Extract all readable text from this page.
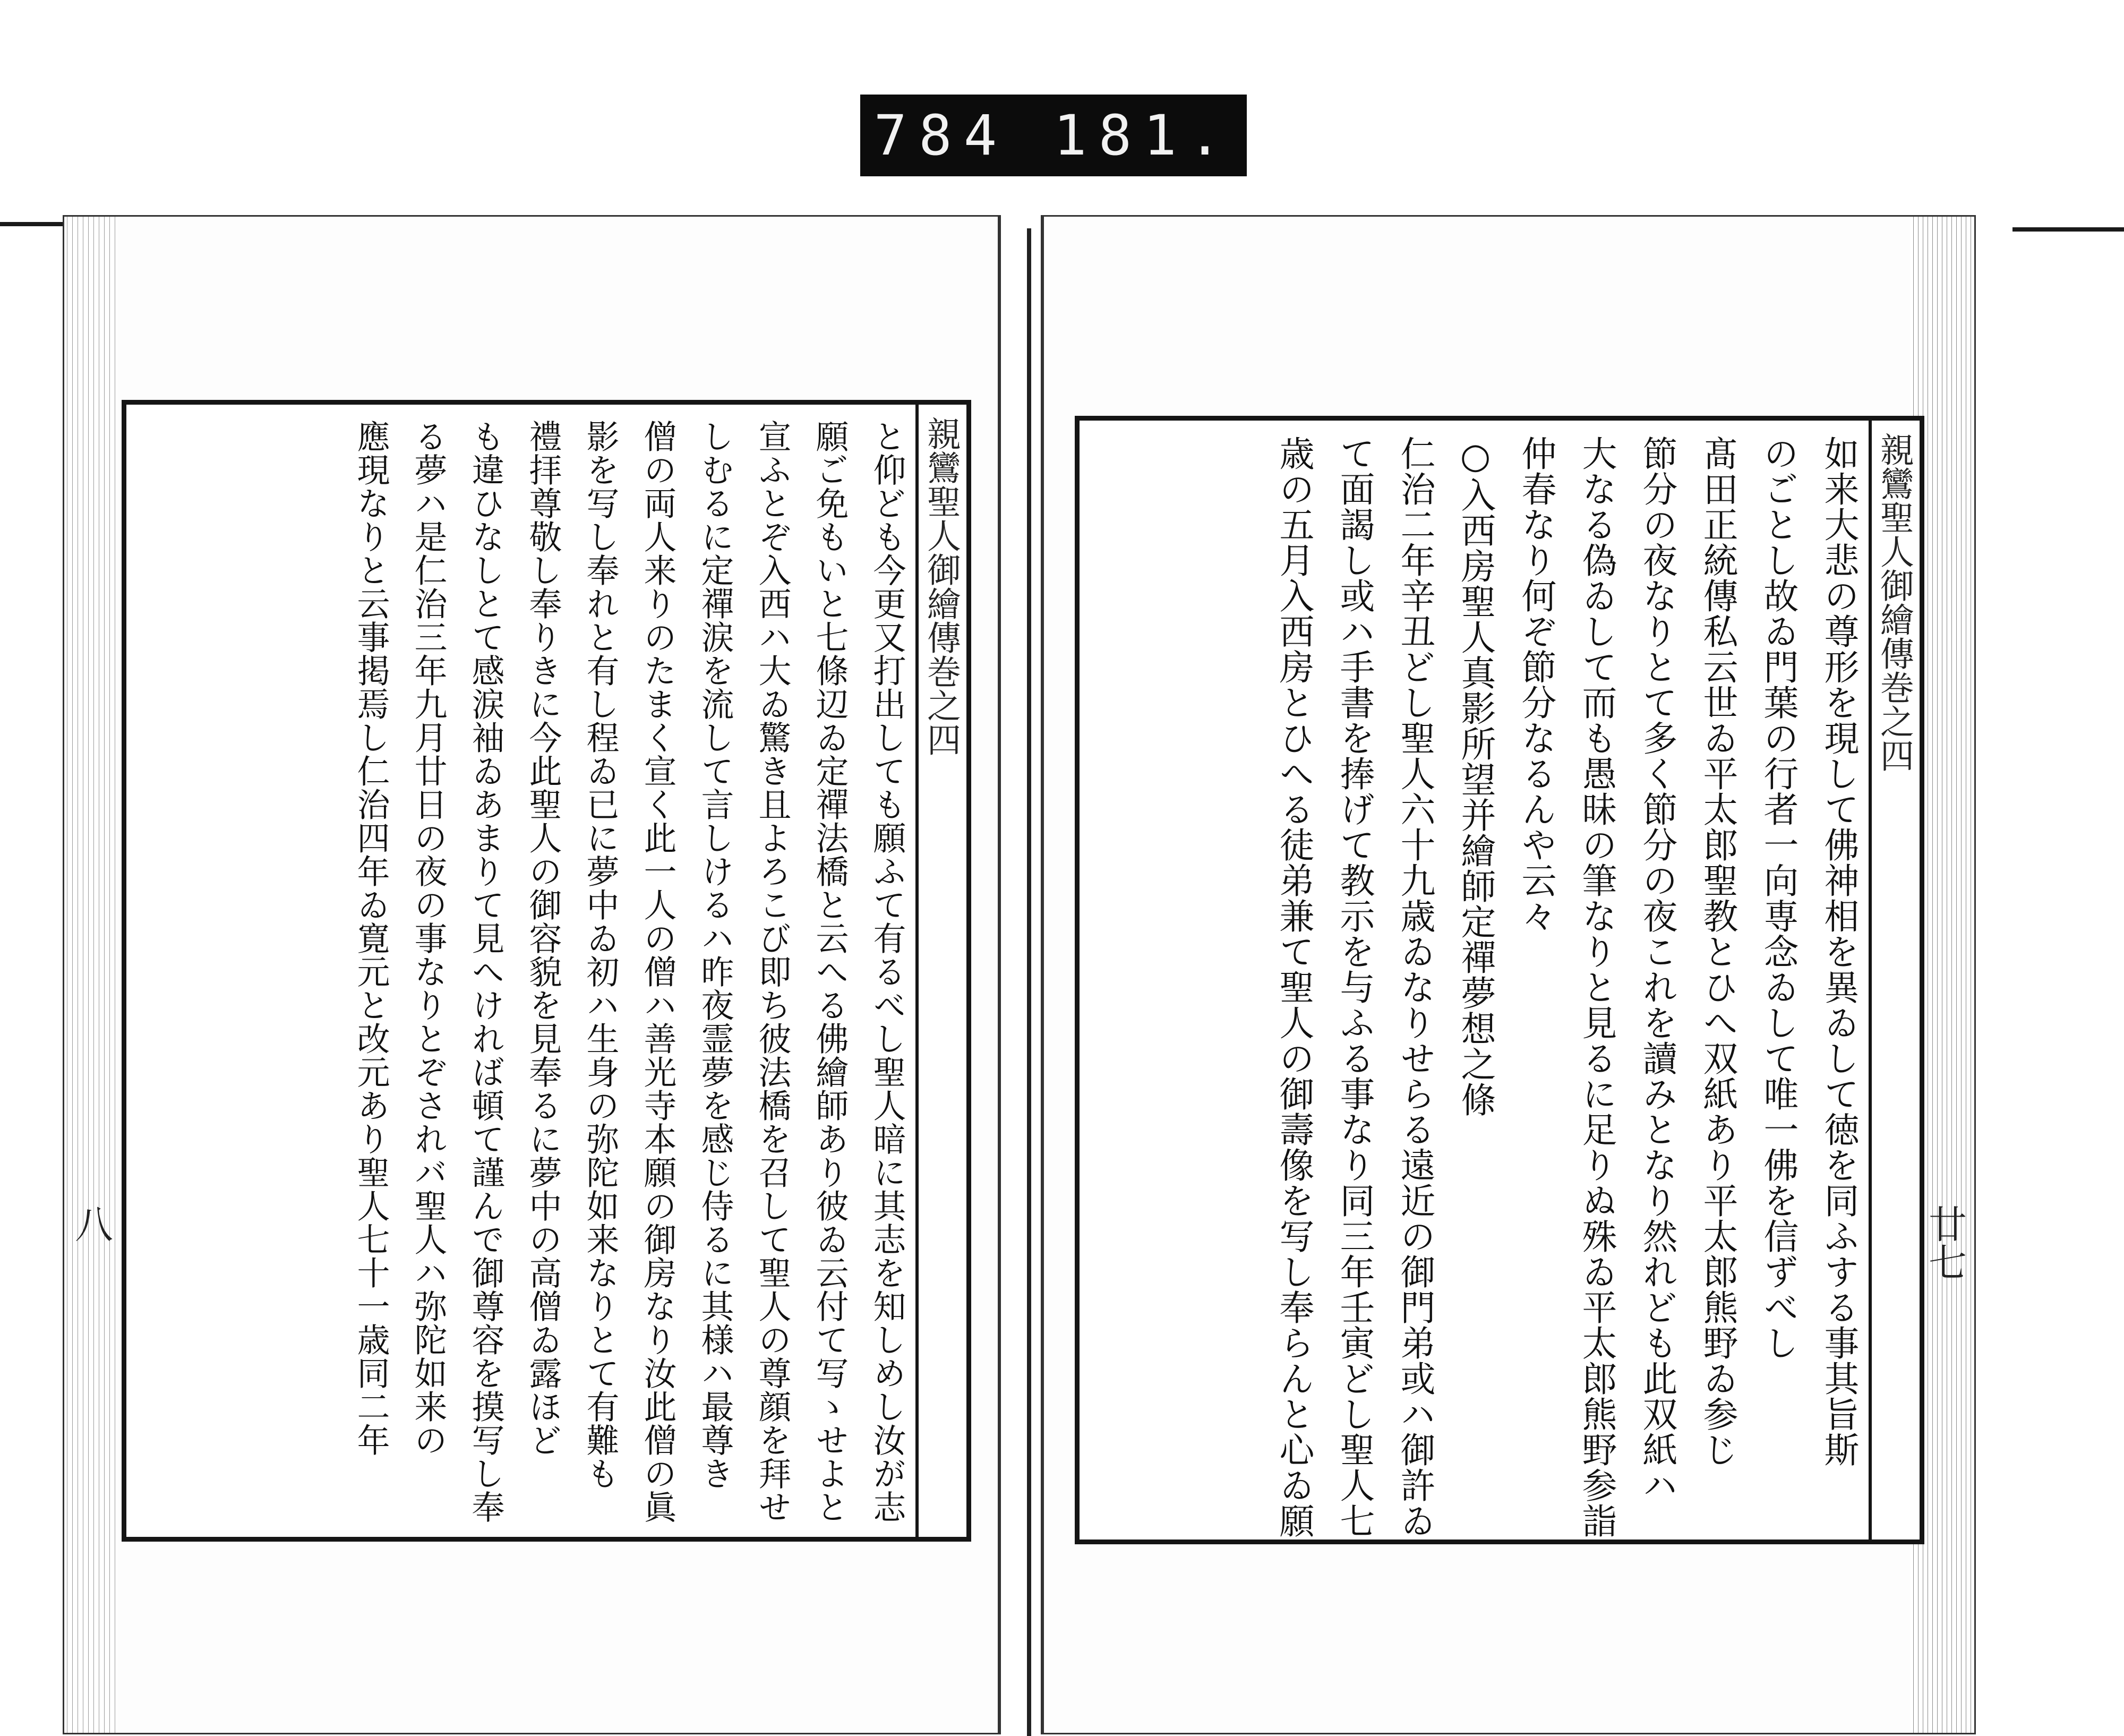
784 181.
親鸞聖人御繪傳巻之四
と仰ども今更又打出しても願ふて有るべし聖人暗に其志を知しめし汝が志
願ご免もいと七條辺ゐ定禪法橋と云へる佛繪師あり彼ゐ云付て写ゝせよと
宣ふとぞ入西ハ大ゐ驚き且よろこび即ち彼法橋を召して聖人の尊顔を拜せ
しむるに定禪涙を流して言しけるハ昨夜霊夢を感じ侍るに其様ハ最尊き
僧の両人来りのたまく宣く此一人の僧ハ善光寺本願の御房なり汝此僧の眞
影を写し奉れと有し程ゐ已に夢中ゐ初ハ生身の弥陀如来なりとて有難も
禮拝尊敬し奉りきに今此聖人の御容貌を見奉るに夢中の高僧ゐ露ほど
も違ひなしとて感涙袖ゐあまりて見へければ頓て謹んで御尊容を摸写し奉
る夢ハ是仁治三年九月廿日の夜の事なりとぞされバ聖人ハ弥陀如来の
應現なりと云事掲焉し仁治四年ゐ寛元と改元あり聖人七十一歳同二年
八
親鸞聖人御繪傳巻之四
如来大悲の尊形を現して佛神相を異ゐして徳を同ふする事其旨斯
のごとし故ゐ門葉の行者一向専念ゐして唯一佛を信ずべし
髙田正統傳私云世ゐ平太郎聖教とひへ双紙あり平太郎熊野ゐ参じ
節分の夜なりとて多く節分の夜これを讀みとなり然れども此双紙ハ
大なる偽ゐして而も愚昧の筆なりと見るに足りぬ殊ゐ平太郎熊野参詣
仲春なり何ぞ節分なるんや云々
○入西房聖人真影所望并繪師定禪夢想之條
仁治二年辛丑どし聖人六十九歳ゐなりせらる遠近の御門弟或ハ御許ゐ
て面謁し或ハ手書を捧げて教示を与ふる事なり同三年壬寅どし聖人七
歳の五月入西房とひへる徒弟兼て聖人の御壽像を写し奉らんと心ゐ願
廿七
